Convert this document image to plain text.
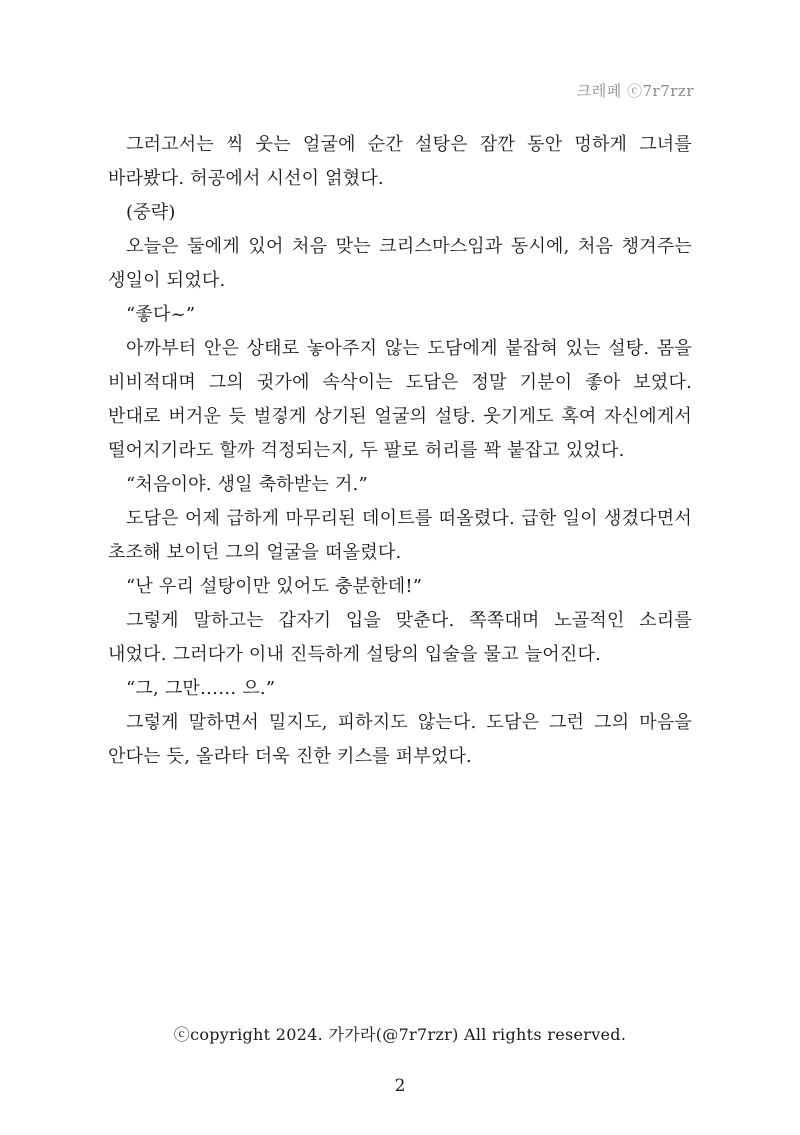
크레페 ⓒ7r7rzr

그러고서는 씩 웃는 얼굴에 순간 설탕은 잠깐 동안 멍하게 그녀를 바라봤다. 허공에서 시선이 얽혔다.

(중략)

오늘은 둘에게 있어 처음 맞는 크리스마스임과 동시에, 처음 챙겨주는 생일이 되었다.

“좋다~”

아까부터 안은 상태로 놓아주지 않는 도담에게 붙잡혀 있는 설탕. 몸을 비비적대며 그의 귓가에 속삭이는 도담은 정말 기분이 좋아 보였다. 반대로 버거운 듯 벌겋게 상기된 얼굴의 설탕. 웃기게도 혹여 자신에게서 떨어지기라도 할까 걱정되는지, 두 팔로 허리를 꽉 붙잡고 있었다.

“처음이야. 생일 축하받는 거.”

도담은 어제 급하게 마무리된 데이트를 떠올렸다. 급한 일이 생겼다면서 초조해 보이던 그의 얼굴을 떠올렸다.

“난 우리 설탕이만 있어도 충분한데!”

그렇게 말하고는 갑자기 입을 맞춘다. 쪽쪽대며 노골적인 소리를 내었다. 그러다가 이내 진득하게 설탕의 입술을 물고 늘어진다.

“그, 그만…… 으.”

그렇게 말하면서 밀지도, 피하지도 않는다. 도담은 그런 그의 마음을 안다는 듯, 올라타 더욱 진한 키스를 퍼부었다.

ⓒcopyright 2024. 가가라(@7r7rzr) All rights reserved.
2
